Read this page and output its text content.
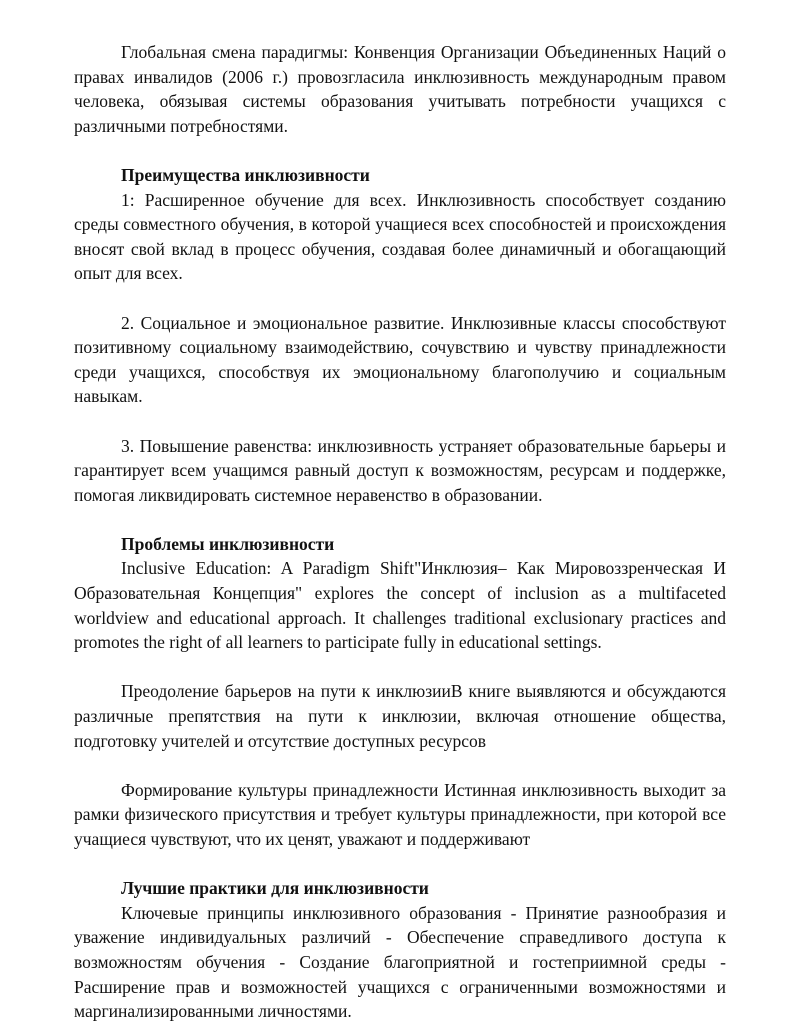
Глобальная смена парадигмы: Конвенция Организации Объединенных Наций о правах инвалидов (2006 г.) провозгласила инклюзивность международным правом человека, обязывая системы образования учитывать потребности учащихся с различными потребностями.

Преимущества инклюзивности

1: Расширенное обучение для всех. Инклюзивность способствует созданию среды совместного обучения, в которой учащиеся всех способностей и происхождения вносят свой вклад в процесс обучения, создавая более динамичный и обогащающий опыт для всех.

2. Социальное и эмоциональное развитие. Инклюзивные классы способствуют позитивному социальному взаимодействию, сочувствию и чувству принадлежности среди учащихся, способствуя их эмоциональному благополучию и социальным навыкам.

3. Повышение равенства: инклюзивность устраняет образовательные барьеры и гарантирует всем учащимся равный доступ к возможностям, ресурсам и поддержке, помогая ликвидировать системное неравенство в образовании.

Проблемы инклюзивности

Inclusive Education: A Paradigm Shift"Инклюзия– Как Мировоззренческая И Образовательная Концепция" explores the concept of inclusion as a multifaceted worldview and educational approach. It challenges traditional exclusionary practices and promotes the right of all learners to participate fully in educational settings.

Преодоление барьеров на пути к инклюзииВ книге выявляются и обсуждаются различные препятствия на пути к инклюзии, включая отношение общества, подготовку учителей и отсутствие доступных ресурсов

Формирование культуры принадлежности Истинная инклюзивность выходит за рамки физического присутствия и требует культуры принадлежности, при которой все учащиеся чувствуют, что их ценят, уважают и поддерживают

Лучшие практики для инклюзивности

Ключевые принципы инклюзивного образования - Принятие разнообразия и уважение индивидуальных различий - Обеспечение справедливого доступа к возможностям обучения - Создание благоприятной и гостеприимной среды - Расширение прав и возможностей учащихся с ограниченными возможностями и маргинализированными личностями.
